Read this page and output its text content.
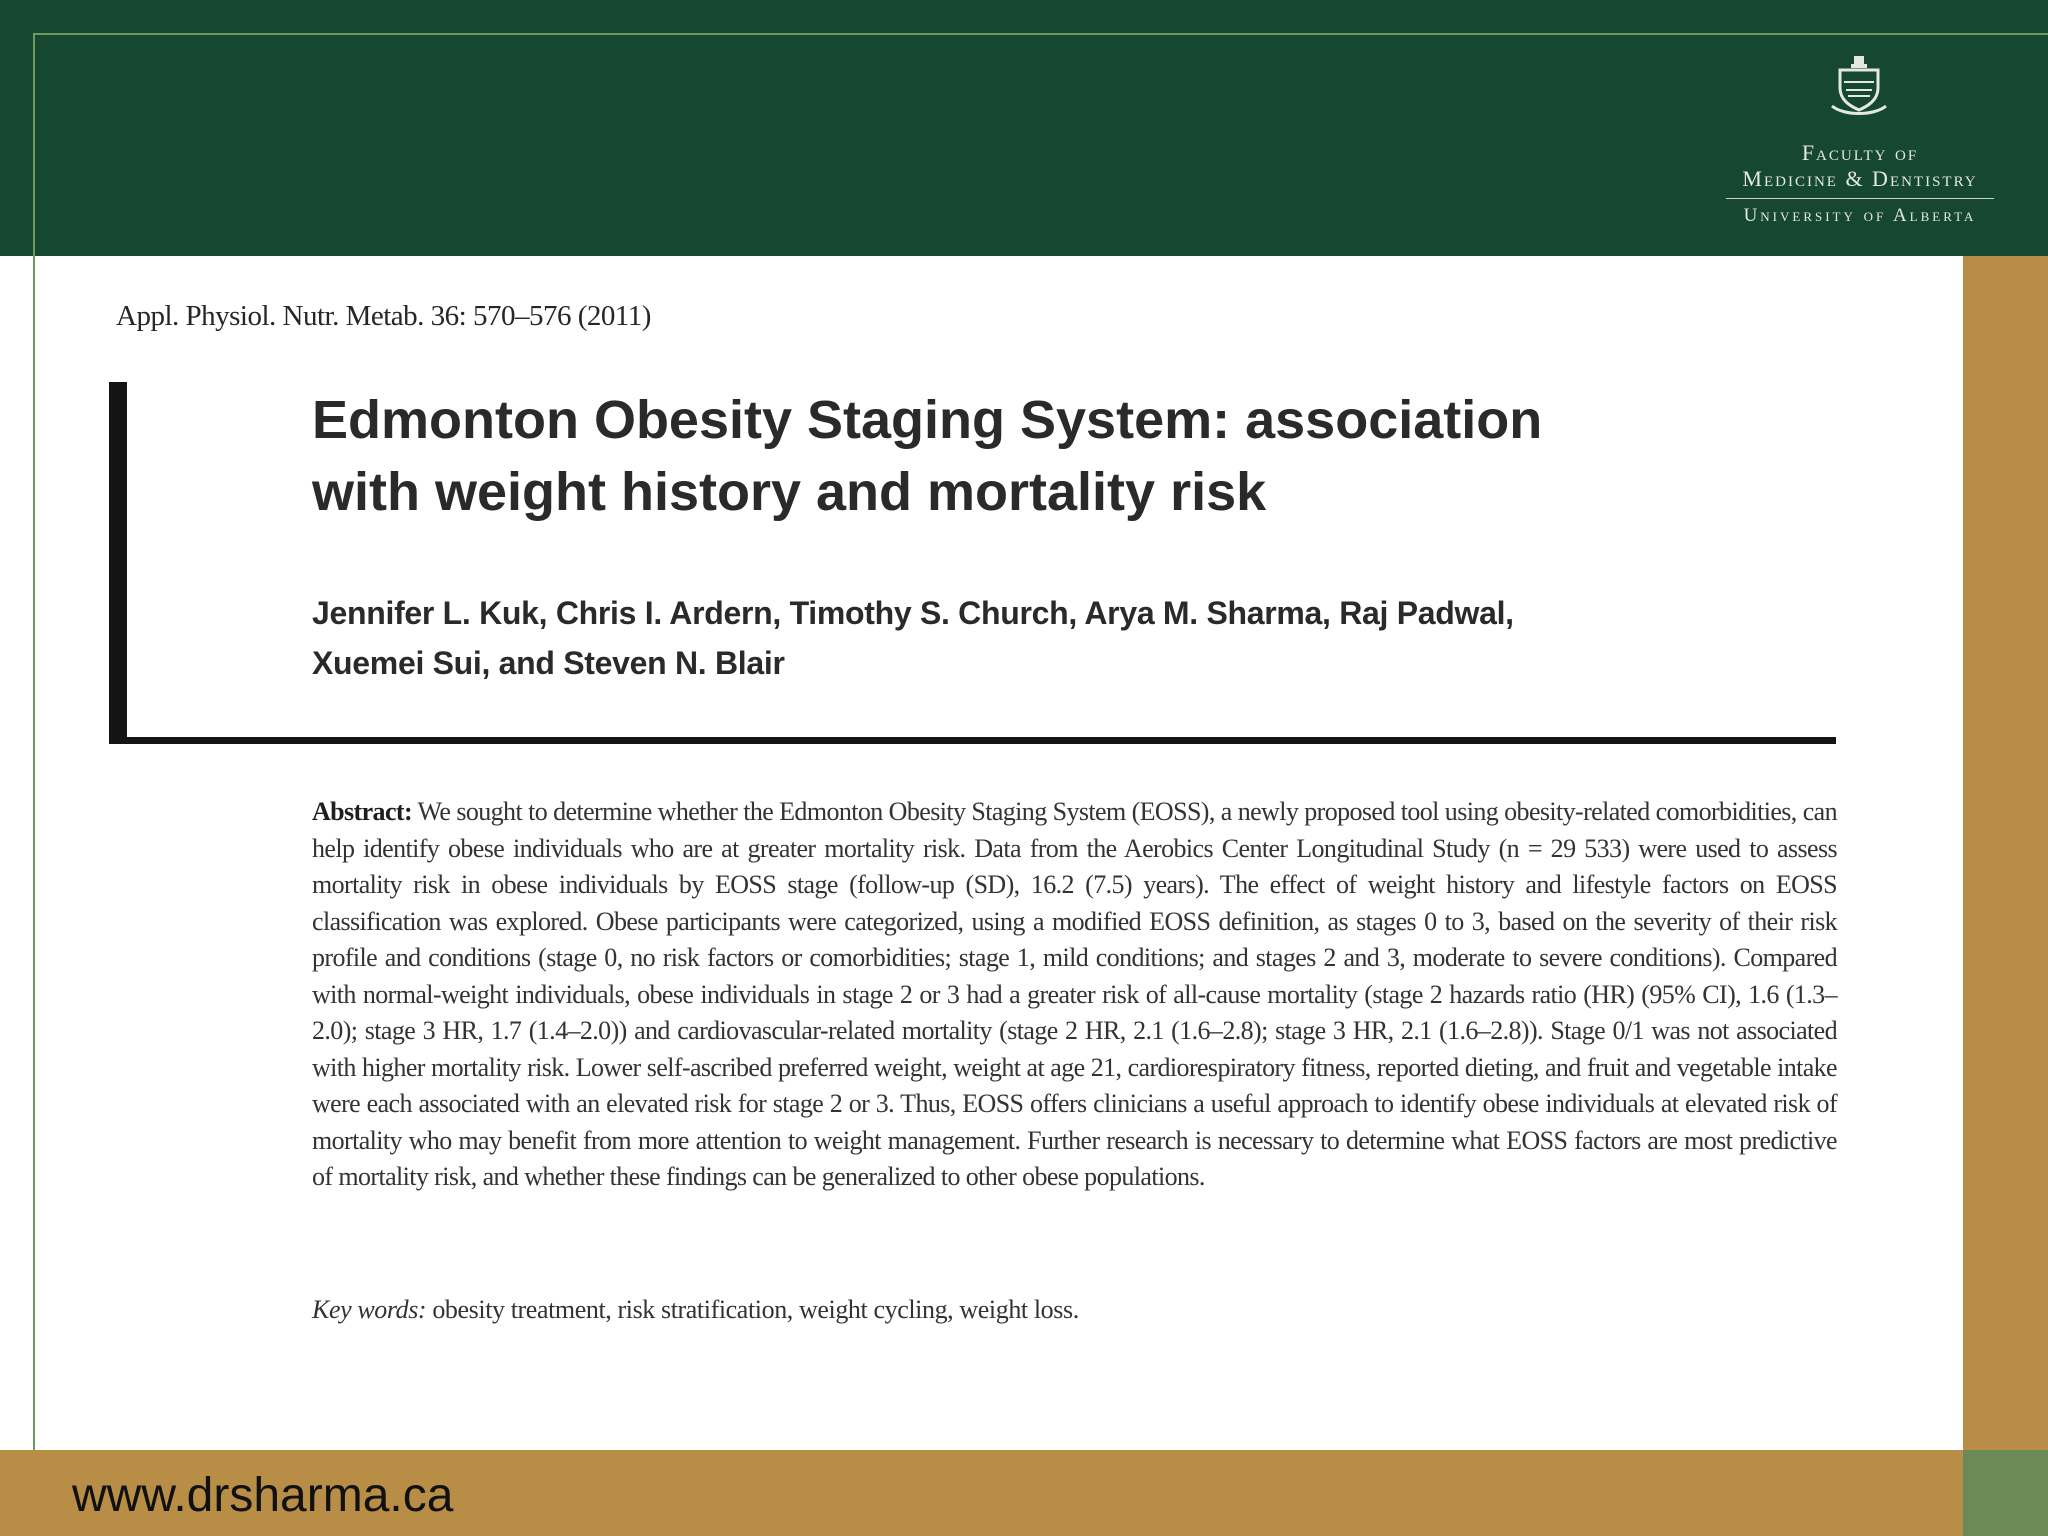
Faculty of
Medicine & Dentistry
University of Alberta
Appl. Physiol. Nutr. Metab. 36: 570–576 (2011)
Edmonton Obesity Staging System: association
with weight history and mortality risk
Jennifer L. Kuk, Chris I. Ardern, Timothy S. Church, Arya M. Sharma, Raj Padwal,
Xuemei Sui, and Steven N. Blair
Abstract: We sought to determine whether the Edmonton Obesity Staging System (EOSS), a newly proposed tool using obesity-related comorbidities, can help identify obese individuals who are at greater mortality risk. Data from the Aerobics Center Longitudinal Study (n = 29 533) were used to assess mortality risk in obese individuals by EOSS stage (follow-up (SD), 16.2 (7.5) years). The effect of weight history and lifestyle factors on EOSS classification was explored. Obese participants were categorized, using a modified EOSS definition, as stages 0 to 3, based on the severity of their risk profile and conditions (stage 0, no risk factors or comorbidities; stage 1, mild conditions; and stages 2 and 3, moderate to severe conditions). Compared with normal-weight individuals, obese individuals in stage 2 or 3 had a greater risk of all-cause mortality (stage 2 hazards ratio (HR) (95% CI), 1.6 (1.3–2.0); stage 3 HR, 1.7 (1.4–2.0)) and cardiovascular-related mortality (stage 2 HR, 2.1 (1.6–2.8); stage 3 HR, 2.1 (1.6–2.8)). Stage 0/1 was not associated with higher mortality risk. Lower self-ascribed preferred weight, weight at age 21, cardiorespiratory fitness, reported dieting, and fruit and vegetable intake were each associated with an elevated risk for stage 2 or 3. Thus, EOSS offers clinicians a useful approach to identify obese individuals at elevated risk of mortality who may benefit from more attention to weight management. Further research is necessary to determine what EOSS factors are most predictive of mortality risk, and whether these findings can be generalized to other obese populations.
Key words: obesity treatment, risk stratification, weight cycling, weight loss.
www.drsharma.ca
